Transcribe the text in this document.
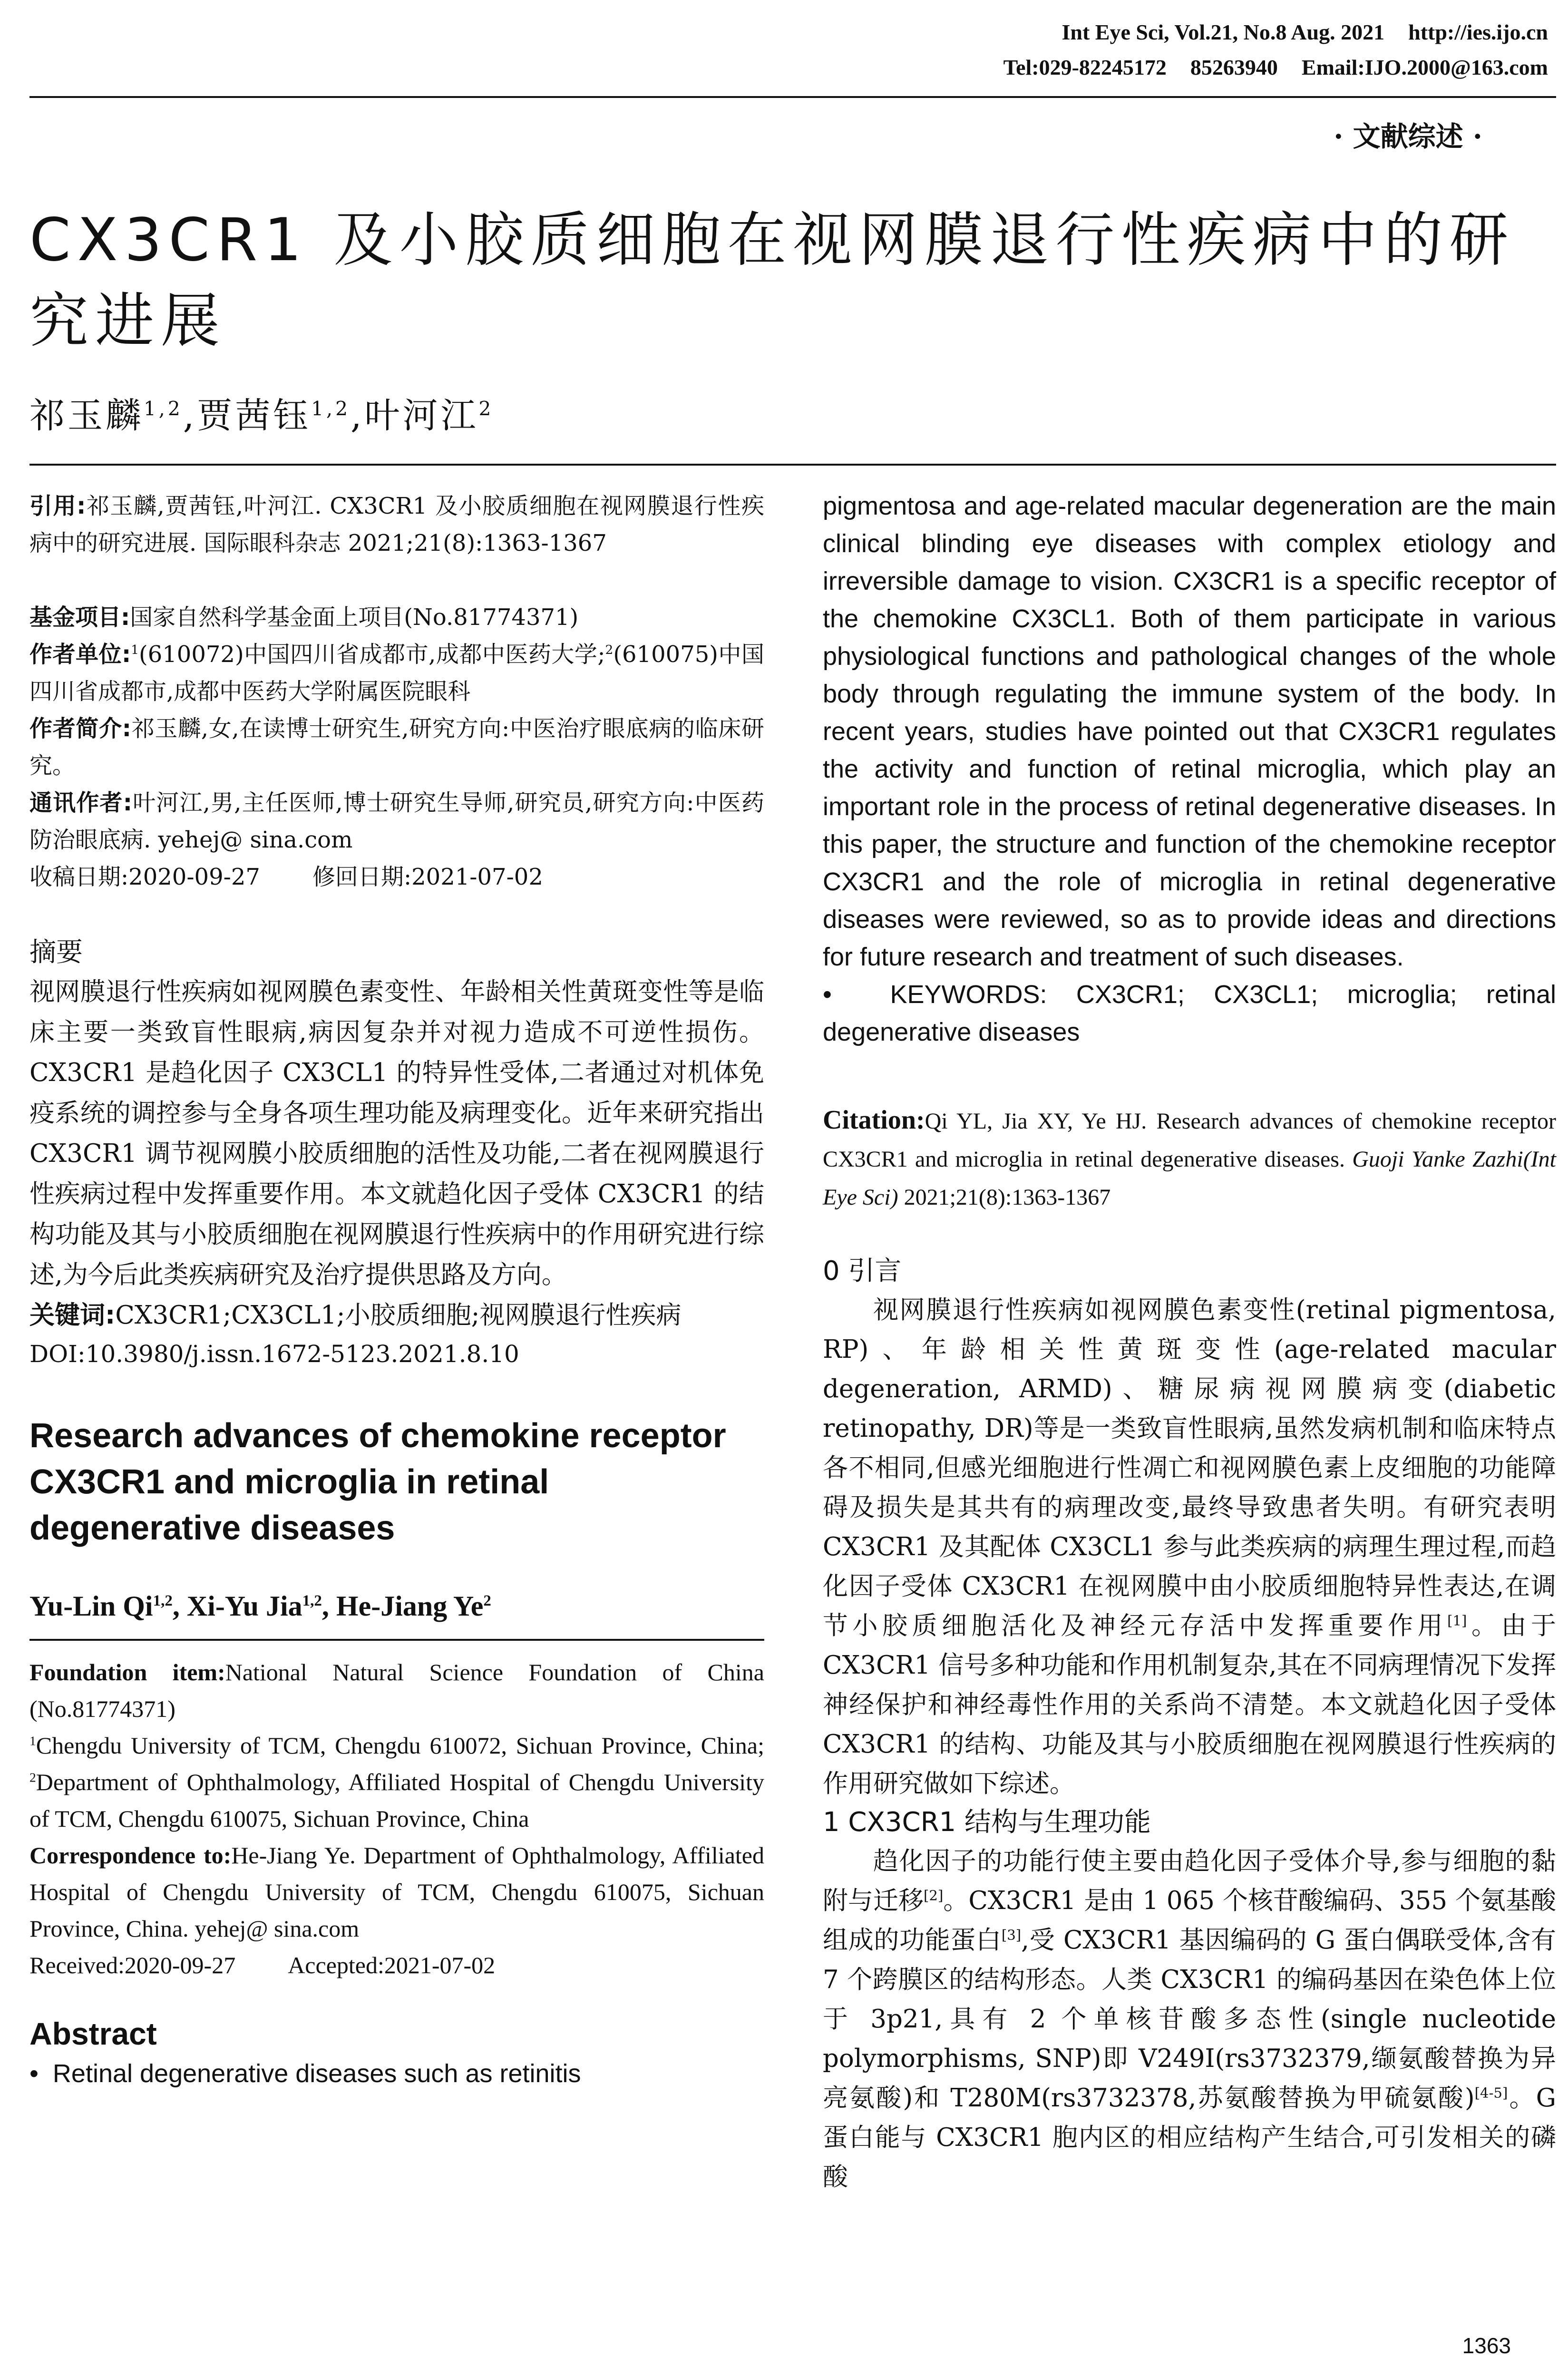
Int Eye Sci, Vol.21, No.8 Aug. 2021 http://ies.ijo.cn
Tel:029-82245172 85263940 Email:IJO.2000@163.com
· 文献综述 ·
CX3CR1 及小胶质细胞在视网膜退行性疾病中的研究进展
祁玉麟$^{1,2}$,贾茜钰$^{1,2}$,叶河江$^2$
引用:祁玉麟,贾茜钰,叶河江. CX3CR1 及小胶质细胞在视网膜退行性疾病中的研究进展. 国际眼科杂志 2021;21(8):1363-1367
基金项目:国家自然科学基金面上项目(No.81774371)
作者单位:$^1$(610072)中国四川省成都市,成都中医药大学;$^2$(610075)中国四川省成都市,成都中医药大学附属医院眼科
作者简介:祁玉麟,女,在读博士研究生,研究方向:中医治疗眼底病的临床研究。
通讯作者:叶河江,男,主任医师,博士研究生导师,研究员,研究方向:中医药防治眼底病. yehej@ sina.com
收稿日期:2020-09-27 修回日期:2021-07-02
摘要
视网膜退行性疾病如视网膜色素变性、年龄相关性黄斑变性等是临床主要一类致盲性眼病,病因复杂并对视力造成不可逆性损伤。CX3CR1 是趋化因子 CX3CL1 的特异性受体,二者通过对机体免疫系统的调控参与全身各项生理功能及病理变化。近年来研究指出 CX3CR1 调节视网膜小胶质细胞的活性及功能,二者在视网膜退行性疾病过程中发挥重要作用。本文就趋化因子受体 CX3CR1 的结构功能及其与小胶质细胞在视网膜退行性疾病中的作用研究进行综述,为今后此类疾病研究及治疗提供思路及方向。
关键词:CX3CR1;CX3CL1;小胶质细胞;视网膜退行性疾病
DOI:10.3980/j.issn.1672-5123.2021.8.10
Research advances of chemokine receptor CX3CR1 and microglia in retinal degenerative diseases
Yu-Lin Qi$^{1,2}$, Xi-Yu Jia$^{1,2}$, He-Jiang Ye$^2$
Foundation item:National Natural Science Foundation of China (No.81774371)
$^1$Chengdu University of TCM, Chengdu 610072, Sichuan Province, China; $^2$Department of Ophthalmology, Affiliated Hospital of Chengdu University of TCM, Chengdu 610075, Sichuan Province, China
Correspondence to:He-Jiang Ye. Department of Ophthalmology, Affiliated Hospital of Chengdu University of TCM, Chengdu 610075, Sichuan Province, China. yehej@ sina.com
Received:2020-09-27 Accepted:2021-07-02
Abstract
•  Retinal degenerative diseases such as retinitis
pigmentosa and age-related macular degeneration are the main clinical blinding eye diseases with complex etiology and irreversible damage to vision. CX3CR1 is a specific receptor of the chemokine CX3CL1. Both of them participate in various physiological functions and pathological changes of the whole body through regulating the immune system of the body. In recent years, studies have pointed out that CX3CR1 regulates the activity and function of retinal microglia, which play an important role in the process of retinal degenerative diseases. In this paper, the structure and function of the chemokine receptor CX3CR1 and the role of microglia in retinal degenerative diseases were reviewed, so as to provide ideas and directions for future research and treatment of such diseases.
•  KEYWORDS: CX3CR1; CX3CL1; microglia; retinal degenerative diseases
Citation:Qi YL, Jia XY, Ye HJ. Research advances of chemokine receptor CX3CR1 and microglia in retinal degenerative diseases. Guoji Yanke Zazhi(Int Eye Sci) 2021;21(8):1363-1367
0 引言
视网膜退行性疾病如视网膜色素变性(retinal pigmentosa, RP)、年龄相关性黄斑变性(age-related macular degeneration, ARMD)、糖尿病视网膜病变(diabetic retinopathy, DR)等是一类致盲性眼病,虽然发病机制和临床特点各不相同,但感光细胞进行性凋亡和视网膜色素上皮细胞的功能障碍及损失是其共有的病理改变,最终导致患者失明。有研究表明 CX3CR1 及其配体 CX3CL1 参与此类疾病的病理生理过程,而趋化因子受体 CX3CR1 在视网膜中由小胶质细胞特异性表达,在调节小胶质细胞活化及神经元存活中发挥重要作用[1]。由于 CX3CR1 信号多种功能和作用机制复杂,其在不同病理情况下发挥神经保护和神经毒性作用的关系尚不清楚。本文就趋化因子受体 CX3CR1 的结构、功能及其与小胶质细胞在视网膜退行性疾病的作用研究做如下综述。
1 CX3CR1 结构与生理功能
趋化因子的功能行使主要由趋化因子受体介导,参与细胞的黏附与迁移[2]。CX3CR1 是由 1 065 个核苷酸编码、355 个氨基酸组成的功能蛋白[3],受 CX3CR1 基因编码的 G 蛋白偶联受体,含有 7 个跨膜区的结构形态。人类 CX3CR1 的编码基因在染色体上位于 3p21,具有 2 个单核苷酸多态性(single nucleotide polymorphisms, SNP)即 V249I(rs3732379,缬氨酸替换为异亮氨酸)和 T280M(rs3732378,苏氨酸替换为甲硫氨酸)[4-5]。G 蛋白能与 CX3CR1 胞内区的相应结构产生结合,可引发相关的磷酸
1363
